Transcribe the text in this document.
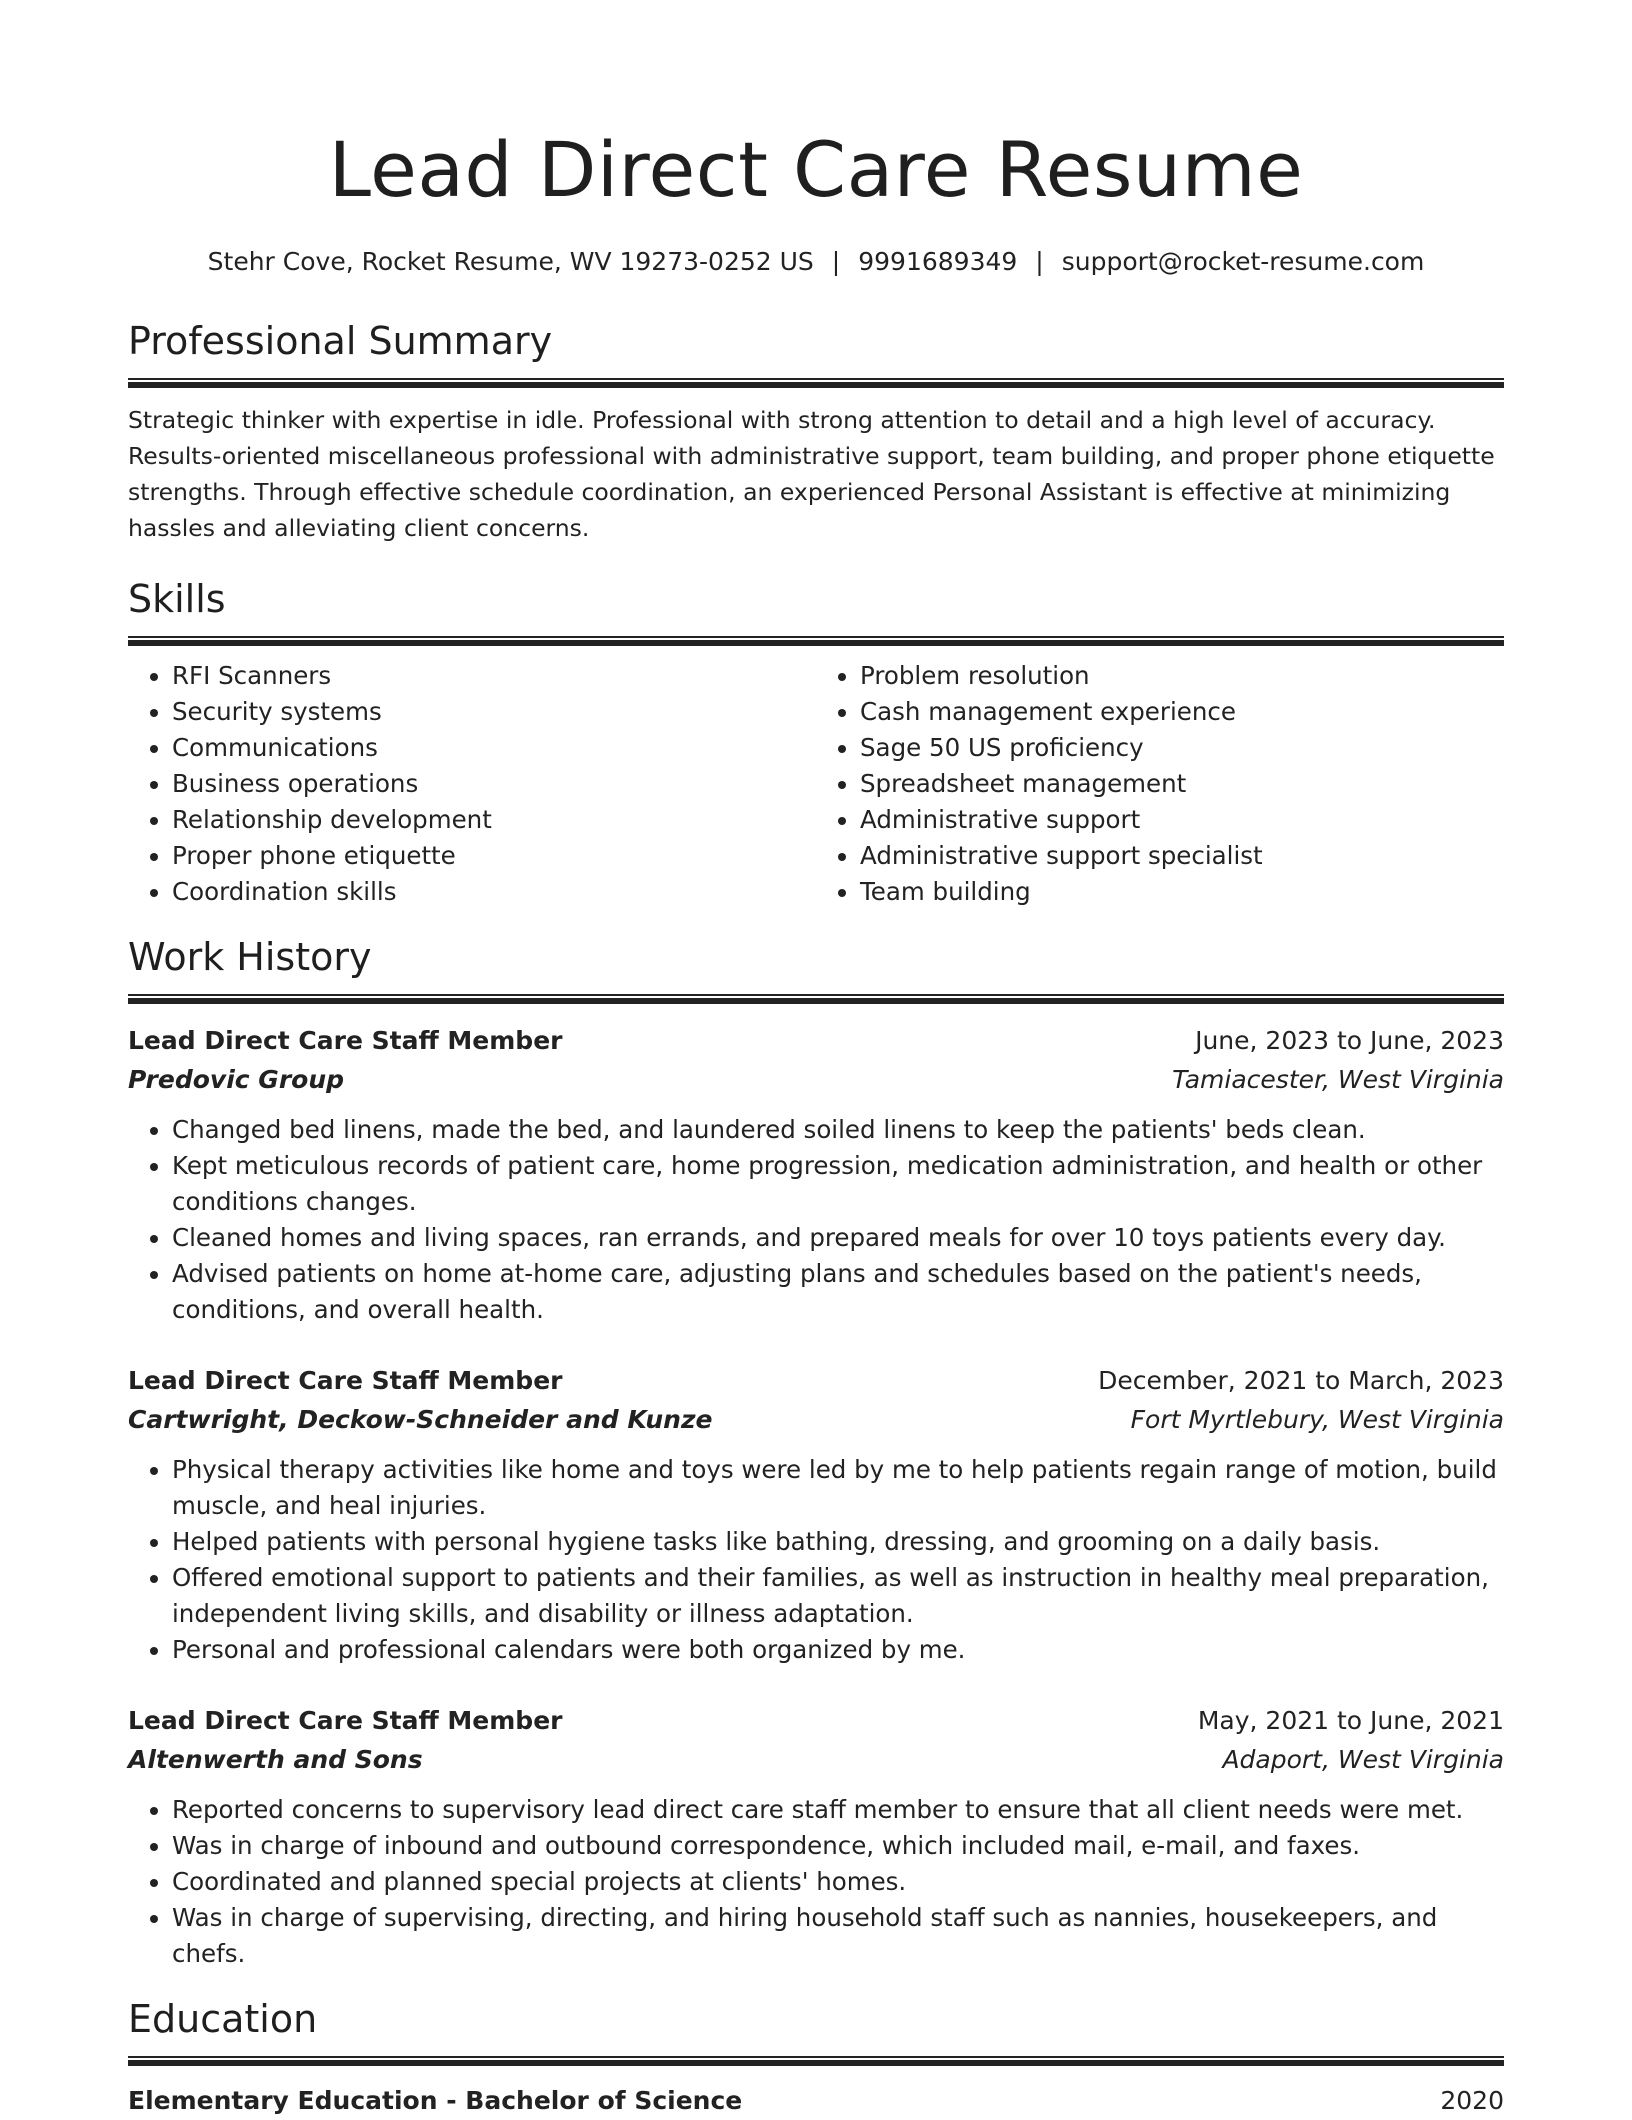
Lead Direct Care Resume
Stehr Cove, Rocket Resume, WV 19273-0252 US | 9991689349 | support@rocket-resume.com
Professional Summary
Strategic thinker with expertise in idle. Professional with strong attention to detail and a high level of accuracy. Results-oriented miscellaneous professional with administrative support, team building, and proper phone etiquette strengths. Through effective schedule coordination, an experienced Personal Assistant is effective at minimizing hassles and alleviating client concerns.
Skills
• RFI Scanners
• Security systems
• Communications
• Business operations
• Relationship development
• Proper phone etiquette
• Coordination skills
• Problem resolution
• Cash management experience
• Sage 50 US proficiency
• Spreadsheet management
• Administrative support
• Administrative support specialist
• Team building
Work History
Lead Direct Care Staff Member	June, 2023 to June, 2023
Predovic Group	Tamiacester, West Virginia
• Changed bed linens, made the bed, and laundered soiled linens to keep the patients' beds clean.
• Kept meticulous records of patient care, home progression, medication administration, and health or other conditions changes.
• Cleaned homes and living spaces, ran errands, and prepared meals for over 10 toys patients every day.
• Advised patients on home at-home care, adjusting plans and schedules based on the patient's needs, conditions, and overall health.
Lead Direct Care Staff Member	December, 2021 to March, 2023
Cartwright, Deckow-Schneider and Kunze	Fort Myrtlebury, West Virginia
• Physical therapy activities like home and toys were led by me to help patients regain range of motion, build muscle, and heal injuries.
• Helped patients with personal hygiene tasks like bathing, dressing, and grooming on a daily basis.
• Offered emotional support to patients and their families, as well as instruction in healthy meal preparation, independent living skills, and disability or illness adaptation.
• Personal and professional calendars were both organized by me.
Lead Direct Care Staff Member	May, 2021 to June, 2021
Altenwerth and Sons	Adaport, West Virginia
• Reported concerns to supervisory lead direct care staff member to ensure that all client needs were met.
• Was in charge of inbound and outbound correspondence, which included mail, e-mail, and faxes.
• Coordinated and planned special projects at clients' homes.
• Was in charge of supervising, directing, and hiring household staff such as nannies, housekeepers, and chefs.
Education
Elementary Education - Bachelor of Science	2020
